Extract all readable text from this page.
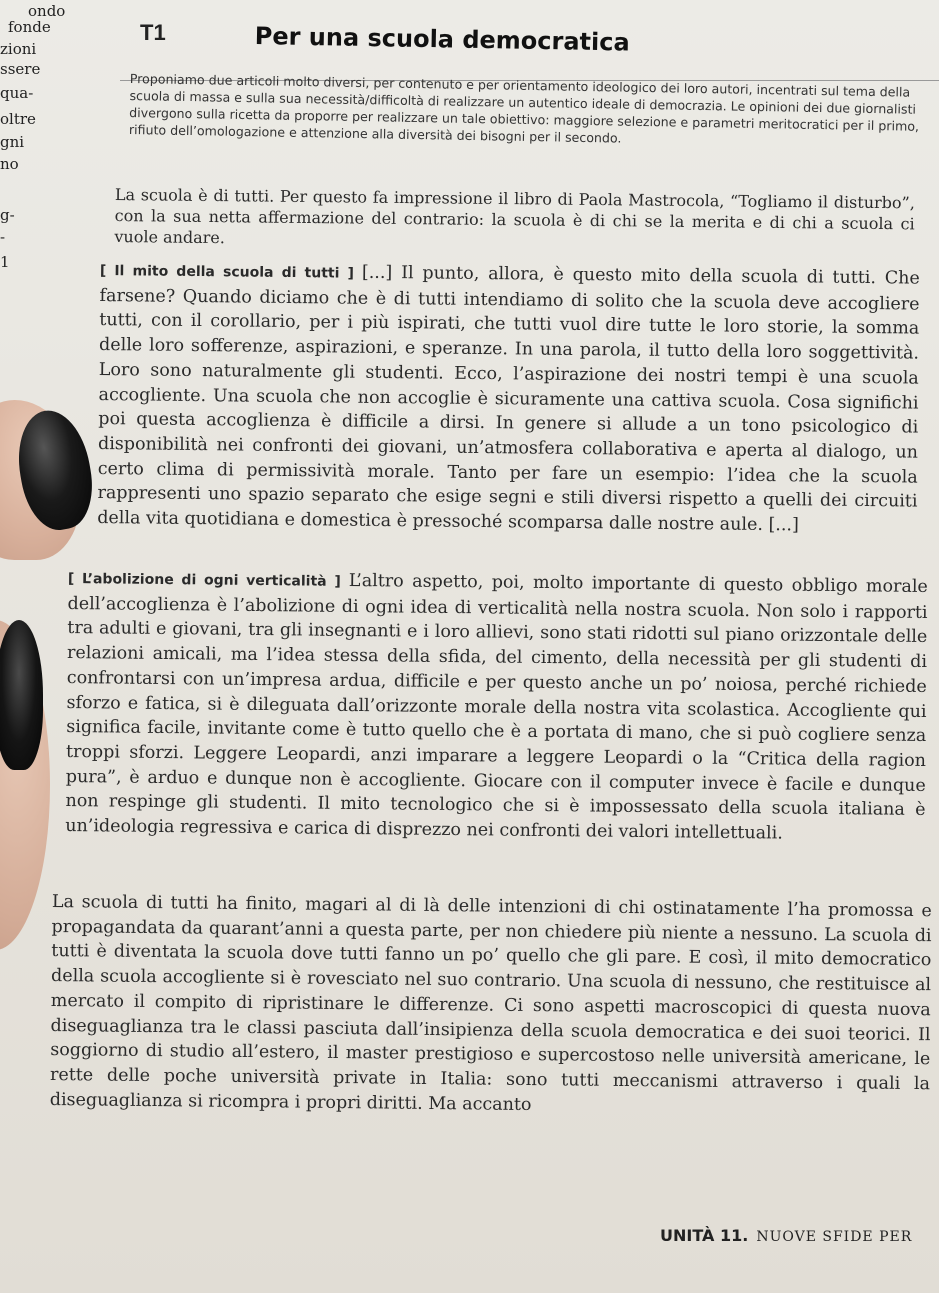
ondo
fonde
zioni
ssere
qua-
oltre
gni
no
g-
-
1
T1	Per una scuola democratica

Proponiamo due articoli molto diversi, per contenuto e per orientamento ideologico dei loro autori, incentrati sul tema della scuola di massa e sulla sua necessità/difficoltà di realizzare un autentico ideale di democrazia. Le opinioni dei due giornalisti divergono sulla ricetta da proporre per realizzare un tale obiettivo: maggiore selezione e parametri meritocratici per il primo, rifiuto dell’omologazione e attenzione alla diversità dei bisogni per il secondo.

La scuola è di tutti. Per questo fa impressione il libro di Paola Mastrocola, “Togliamo il disturbo”, con la sua netta affermazione del contrario: la scuola è di chi se la merita e di chi a scuola ci vuole andare.

[ Il mito della scuola di tutti ] [...] Il punto, allora, è questo mito della scuola di tutti. Che farsene? Quando diciamo che è di tutti intendiamo di solito che la scuola deve accogliere tutti, con il corollario, per i più ispirati, che tutti vuol dire tutte le loro storie, la somma delle loro sofferenze, aspirazioni, e speranze. In una parola, il tutto della loro soggettività. Loro sono naturalmente gli studenti. Ecco, l’aspirazione dei nostri tempi è una scuola accogliente. Una scuola che non accoglie è sicuramente una cattiva scuola. Cosa significhi poi questa accoglienza è difficile a dirsi. In genere si allude a un tono psicologico di disponibilità nei confronti dei giovani, un’atmosfera collaborativa e aperta al dialogo, un certo clima di permissività morale. Tanto per fare un esempio: l’idea che la scuola rappresenti uno spazio separato che esige segni e stili diversi rispetto a quelli dei circuiti della vita quotidiana e domestica è pressoché scomparsa dalle nostre aule. [...]

[ L’abolizione di ogni verticalità ] L’altro aspetto, poi, molto importante di questo obbligo morale dell’accoglienza è l’abolizione di ogni idea di verticalità nella nostra scuola. Non solo i rapporti tra adulti e giovani, tra gli insegnanti e i loro allievi, sono stati ridotti sul piano orizzontale delle relazioni amicali, ma l’idea stessa della sfida, del cimento, della necessità per gli studenti di confrontarsi con un’impresa ardua, difficile e per questo anche un po’ noiosa, perché richiede sforzo e fatica, si è dileguata dall’orizzonte morale della nostra vita scolastica. Accogliente qui significa facile, invitante come è tutto quello che è a portata di mano, che si può cogliere senza troppi sforzi. Leggere Leopardi, anzi imparare a leggere Leopardi o la “Critica della ragion pura”, è arduo e dunque non è accogliente. Giocare con il computer invece è facile e dunque non respinge gli studenti. Il mito tecnologico che si è impossessato della scuola italiana è un’ideologia regressiva e carica di disprezzo nei confronti dei valori intellettuali.

La scuola di tutti ha finito, magari al di là delle intenzioni di chi ostinatamente l’ha promossa e propagandata da quarant’anni a questa parte, per non chiedere più niente a nessuno. La scuola di tutti è diventata la scuola dove tutti fanno un po’ quello che gli pare. E così, il mito democratico della scuola accogliente si è rovesciato nel suo contrario. Una scuola di nessuno, che restituisce al mercato il compito di ripristinare le differenze. Ci sono aspetti macroscopici di questa nuova diseguaglianza tra le classi pasciuta dall’insipienza della scuola democratica e dei suoi teorici. Il soggiorno di studio all’estero, il master prestigioso e supercostoso nelle università americane, le rette delle poche università private in Italia: sono tutti meccanismi attraverso i quali la diseguaglianza si ricompra i propri diritti. Ma accanto

UNITÀ 11. NUOVE SFIDE PER
